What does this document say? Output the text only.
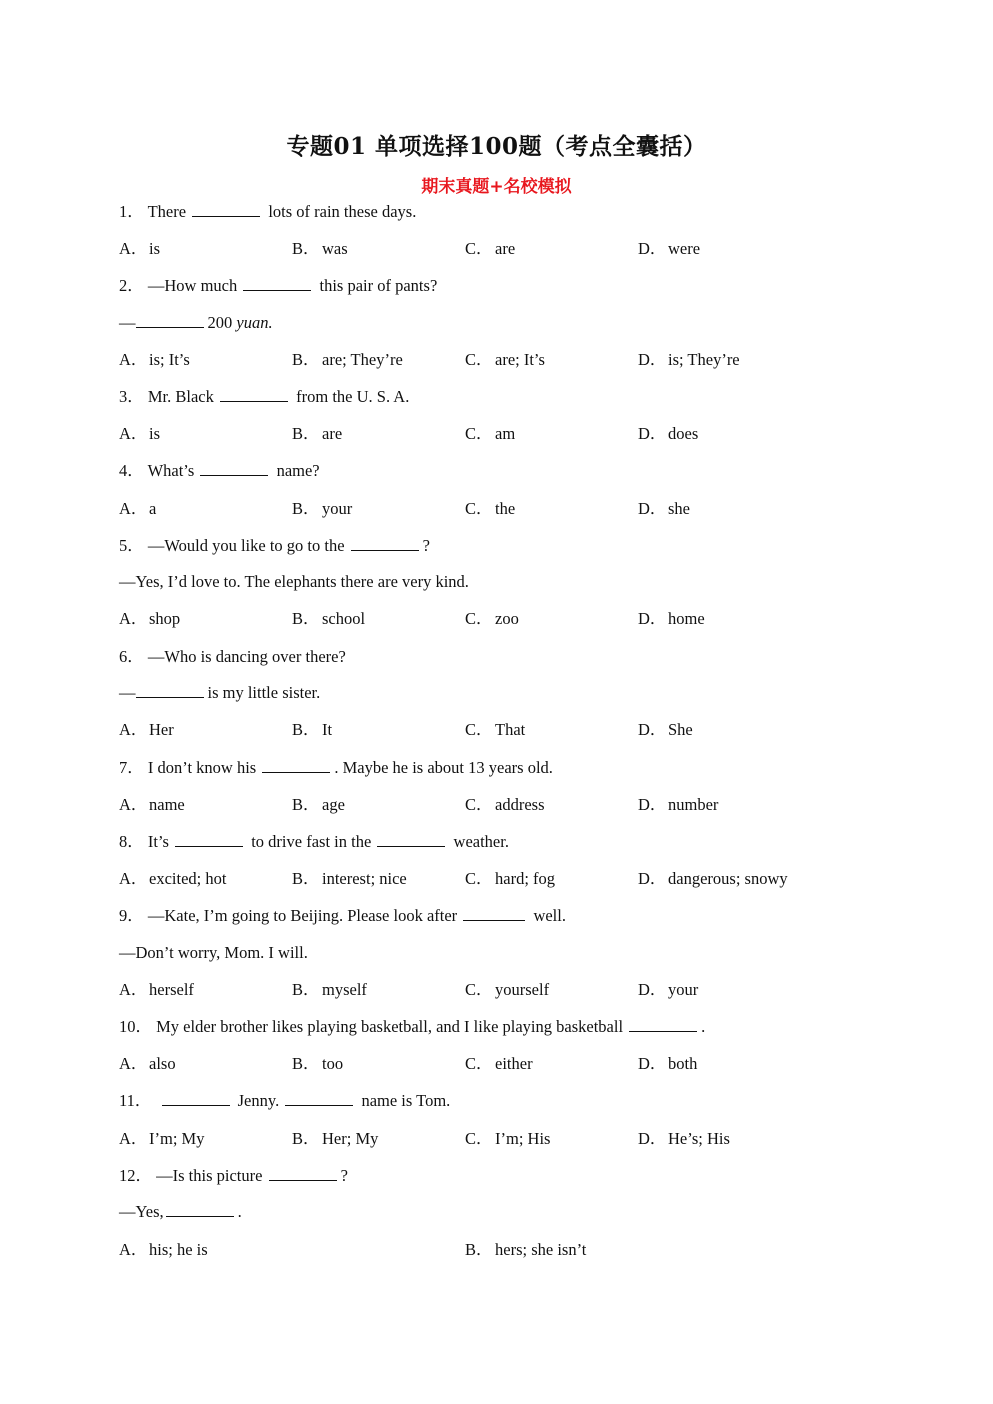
专题01 单项选择100题（考点全囊括）
期末真题+名校模拟
1． There	lots of rain these days.
A．is	B． was	C． are	D．were
2． —How much	this pair of pants?
—	200 yuan.
A．is; It’s	B． are; They’re	C． are; It’s	D．is; They’re
3． Mr. Black	from the U. S. A.
A．is	B． are	C． am	D．does
4． What’s	name?
A．a	B． your	C． the	D．she
5． —Would you like to go to the	?
—Yes, I’d love to. The elephants there are very kind.
A．shop	B． school	C． zoo	D．home
6． —Who is dancing over there?
—	is my little sister.
A．Her	B． It	C． That	D．She
7． I don’t know his	. Maybe he is about 13 years old.
A．name	B． age	C． address	D．number
8． It’s	to drive fast in the	weather.
A．excited; hot	B． interest; nice	C． hard; fog	D．dangerous; snowy
9． —Kate, I’m going to Beijing. Please look after	well.
—Don’t worry, Mom. I will.
A．herself	B． myself	C． yourself	D．your
10． My elder brother likes playing basketball, and I like playing basketball	.
A．also	B． too	C． either	D．both
11．	Jenny.	name is Tom.
A．I’m; My	B． Her; My	C． I’m; His	D．He’s; His
12． —Is this picture	?
—Yes,	.
A．his; he is	B． hers; she isn’t
